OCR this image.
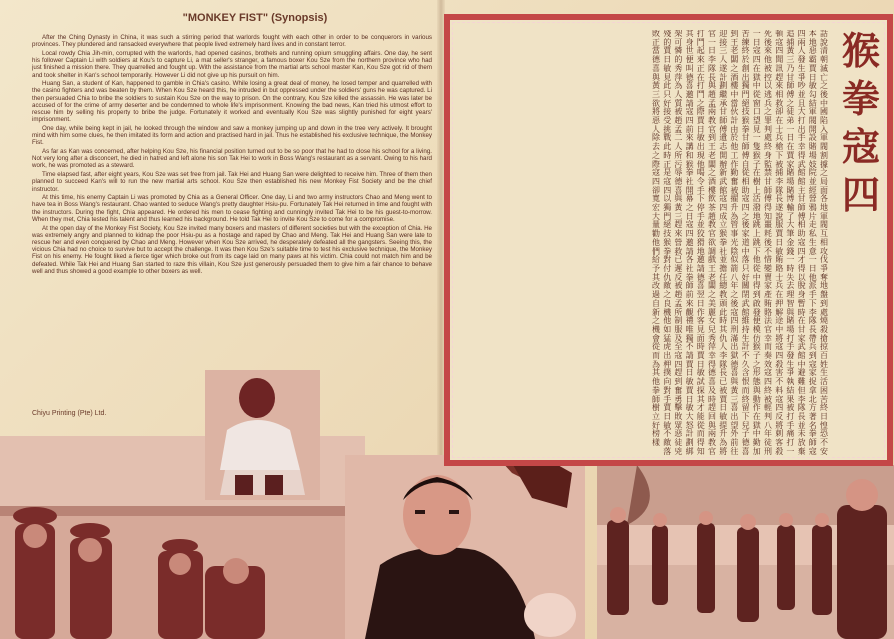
"MONKEY FIST" (Synopsis)

After the Ching Dynasty in China, it was such a stirring period that warlords fought with each other in order to be conquerors in various provinces. They plundered and ransacked everywhere that people lived extremely hard lives and in constant terror.

Local rowdy Chia Jih-min, corrupted with the warlords, had opened casinos, brothels and running opium smuggling affairs. One day, he sent his follower Captain Li with soldiers at Kou's to capture Li, a mat seller's stranger, a famous boxer Kou Sze from the northern province who had just finished a mission there. They quarrelled and fought up. With the assistance from the martial arts school master Kan, Kou Sze got rid of them and took shelter in Kan's school temporarily. However Li did not give up his pursuit on him.

Huang San, a student of Kan, happened to gamble in Chia's casino. While losing a great deal of money, he losed temper and quarrelled with the casino fighters and was beaten by them. When Kou Sze heard this, he intruded in but oppressed under the soldiers' guns he was captured. Li then persuaded Chia to bribe the soldiers to sustain Kou Sze on the way to prison. On the contrary, Kou Sze killed the assassin. He was later be accused of for the crime of army deserter and be condemned to whole life's imprisonment. Knowing the bad news, Kan tried his utmost effort to rescue him by selling his property to bribe the judge. Fortunately it worked and eventually Kou Sze was slightly punished for eight years' imprisonment.

One day, while being kept in jail, he looked through the window and saw a monkey jumping up and down in the tree very actively. It brought mind with him some clues, he then imitated its form and action and practised hard in jail. Thus he established his exclusive technique, the Monkey Fist.

As far as Kan was concerned, after helping Kou Sze, his financial position turned out to be so poor that he had to close his school for a living. Not very long after a disconcert, he died in hatred and left alone his son Tak Hei to work in Boss Wang's restaurant as a servant. Owing to his hard work, he was promoted as a steward.

Time elapsed fast, after eight years, Kou Sze was set free from jail. Tak Hei and Huang San were delighted to receive him. Three of them then planned to succeed Kan's will to run the new martial arts school. Kou Sze then established his new Monkey Fist Society and be the chief instructor.

At this time, his enemy Captain Li was promoted by Chia as a General Officer. One day, Li and two army instructors Chao and Meng went to have tea in Boss Wang's restaurant. Chao wanted to seduce Wang's pretty daughter Hsiu-pu. Fortunately Tak Hei returned in time and fought with the instructors. During the fight, Chia appeared. He ordered his men to cease fighting and cunningly invited Tak Hei to be his guest-to-morrow. When they met, Chia tested his talent and thus learned his background. He told Tak Hei to invite Kou Sze to come for a compromise.

At the open day of the Monkey Fist Society, Kou Sze invited many boxers and masters of different societies but with the exception of Chia. He was extremely angry and planned to kidnap the poor Hsiu-pu as a hostage and raped by Chao and Meng. Tak Hei and Huang San were late to rescue her and even conquered by Chao and Meng. However when Kou Sze arrived, he desperately defeated all the gangsters. Seeing this, the vicious Chia had no choice to survive but to accept the challenge. It was then Kou Sze's suitable time to test his exclusive technique, the Monkey Fist on his enemy. He fought liked a fierce tiger which broke out from its cage laid on many paws at his victim. Chia could not match him and be defeated. While Tak Hei and Huang San started to raze this villain, Kou Sze just generously persuaded them to give him a fair chance to behave well and thus showed a good example to other boxers as well.

Chiyu Printing (Pte) Ltd.
猴拳寇四
話說清朝滅亡之後中國陷入軍閥割據之局面各地軍閥互相攻伐爭奪地盤到處燒殺搶掠百姓生活困苦終日惶恐不安
本地惡霸賈日敏勾結軍閥開設賭場妓院並經營鴉片走私生意一日他派手下李隊長帶兵到寇家捉拿北方著名拳師寇
四兩人發生爭吵並且大打出手幸得武館館主甘師傅相助寇四才得以脫身暫時在甘家武館中避難但李隊長並未放棄
追捕黃三乃甘師傅之徒弟一日在賈家賭場賭博輸了大筆金錢一時失去理智與賭場打手發生爭執結果被打手痛打一
頓寇四聞訊趕來相救卻在士兵槍下被捕李隊長遂說服賈日敏賄賂士兵在押解途中將寇四殺害不料寇四反將刺客殺
死後來他被控以逃兵之罪判處終身監禁甘師傅得知噩耗後不惜變賣家產賄賂法官幸而奏效寇四終被輕判八年徒刑
一日寇四在獄中從窗口望見一隻猴子在樹上活潑地跳上跳下他從中得到啟發便模仿猴子之形態與動作在獄中勤加
苦練終於創出獨門絕技猴拳甘師傅自從相助寇四之後家道中落只好關閉武館維持生計不久含恨而終留下兒子德喜
到王老闆之酒樓中當伙計由於他工作勤奮被擢升為管事光陰似箭八年之後寇四刑滿出獄德喜與黃三喜出望外前往
迎接三人遂計劃繼承甘師傅遺志開辦新武館寇四成立猴拳社並擔任總教頭此時其仇人李隊長已被賈日敏提升為將
官一日李隊長與趙孟兩教官到王老闆之酒樓飲茶趙教官欲調戲王老闆之美麗女兒秀萍幸得德喜及時趕回與兩教官
打鬥起來正在打鬥之際賈日敏出現他喝令手下停手並狡猾地邀請德喜翌日作客見面時賈日敏試探其才能從而得知
其身世便叫德喜邀請寇四前來講和猴拳社開幕之日寇四邀請各社拳師前來觀禮唯獨不請賈日敏賈日敏大怒計劃綁
架可憐的秀萍為人質被趙孟二人所污辱德喜與黃三趕來營救已遲反被趙孟所制服及至寇四趕到奮勇擊敗眾惡徒兇
殘的賈日敏見此只好接受挑戰此時正是寇四以獨門絕技猴拳對付仇敵之良機他如猛虎出柙撲向對手賈日敏不敵落
敗正當德喜與黃三欲將惡人除去之際寇四卻寬宏大量勸他們給予其改過自新之機會從而為其他拳師樹立好榜樣
